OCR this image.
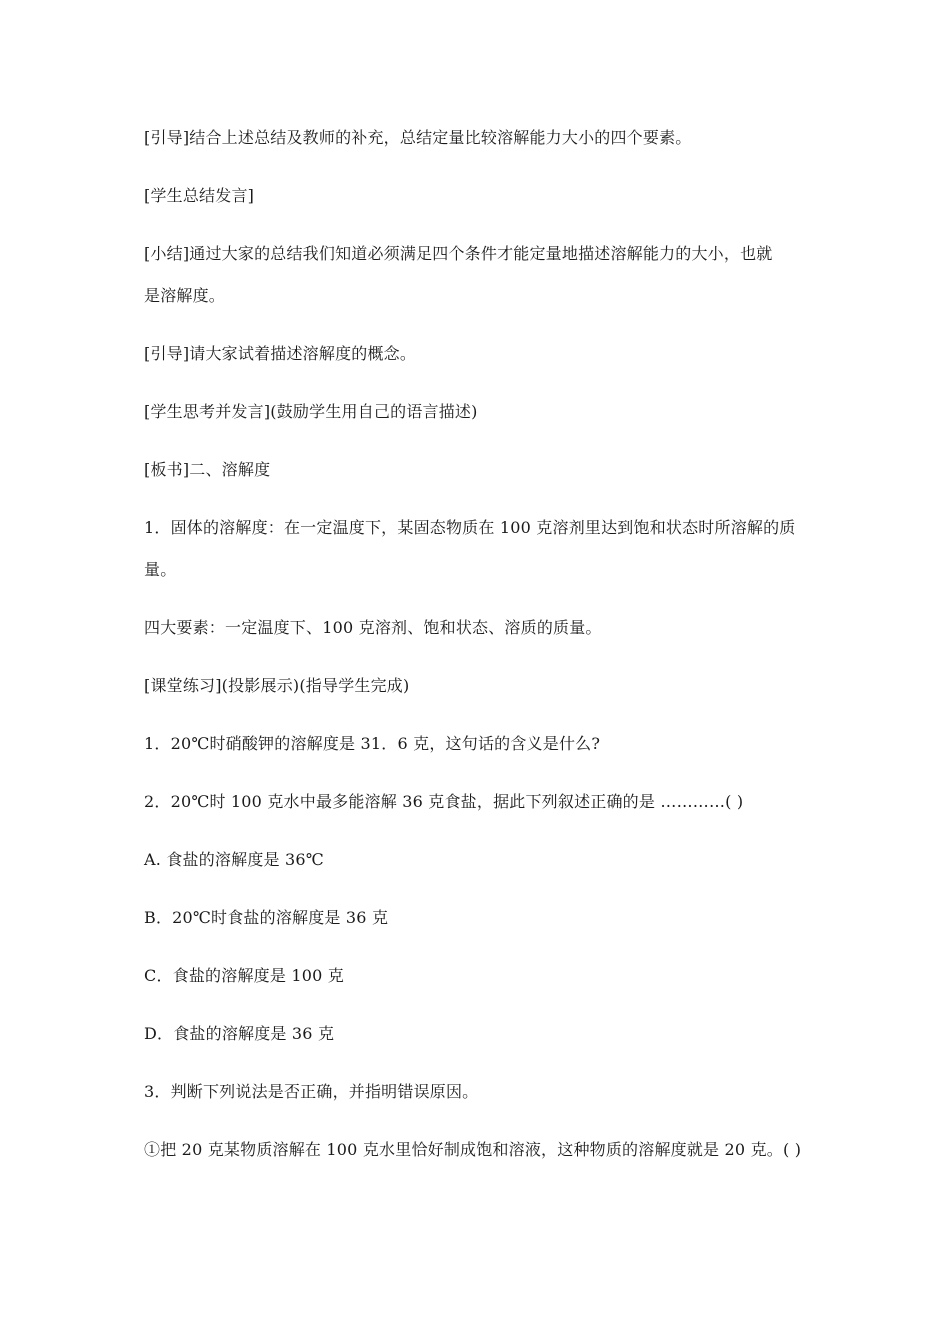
[引导]结合上述总结及教师的补充，总结定量比较溶解能力大小的四个要素。
[学生总结发言]
[小结]通过大家的总结我们知道必须满足四个条件才能定量地描述溶解能力的大小，也就
是溶解度。
[引导]请大家试着描述溶解度的概念。
[学生思考并发言](鼓励学生用自己的语言描述)
[板书]二、溶解度
1．固体的溶解度：在一定温度下，某固态物质在 100 克溶剂里达到饱和状态时所溶解的质
量。
四大要素：一定温度下、100 克溶剂、饱和状态、溶质的质量。
[课堂练习](投影展示)(指导学生完成)
1．20℃时硝酸钾的溶解度是 31．6 克，这句话的含义是什么?
2．20℃时 100 克水中最多能溶解 36 克食盐，据此下列叙述正确的是 …………( )
A. 食盐的溶解度是 36℃
B．20℃时食盐的溶解度是 36 克
C．食盐的溶解度是 100 克
D．食盐的溶解度是 36 克
3．判断下列说法是否正确，并指明错误原因。
①把 20 克某物质溶解在 100 克水里恰好制成饱和溶液，这种物质的溶解度就是 20 克。( )
